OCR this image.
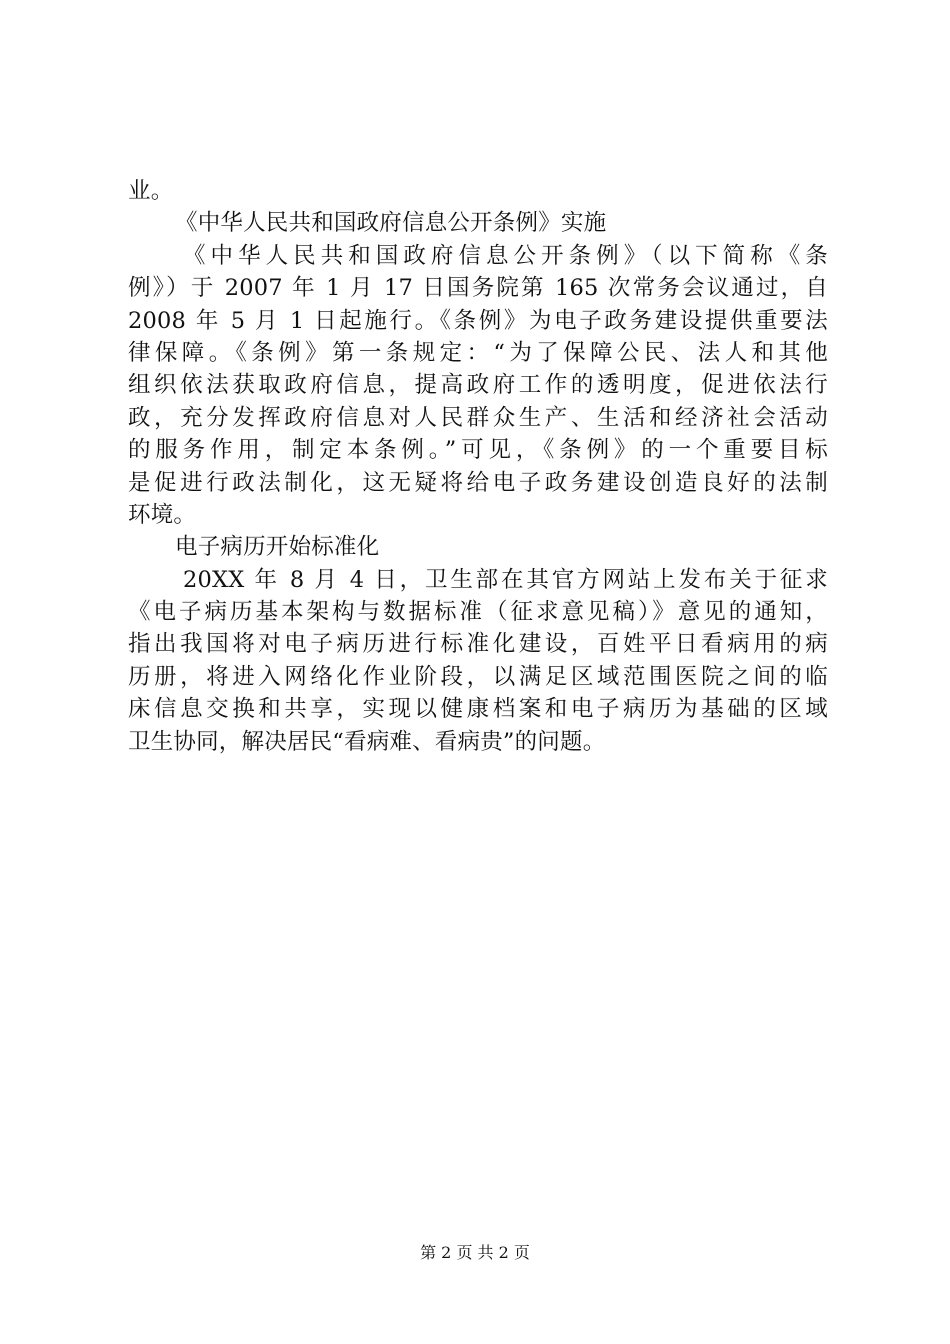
业。
《中华人民共和国政府信息公开条例》实施
《中华人民共和国政府信息公开条例》（以下简称《条
例》）于 2007 年 1 月 17 日国务院第 165 次常务会议通过，自
2008 年 5 月 1 日起施行。《条例》为电子政务建设提供重要法
律保障。《条例》第一条规定：“为了保障公民、法人和其他
组织依法获取政府信息，提高政府工作的透明度，促进依法行
政，充分发挥政府信息对人民群众生产、生活和经济社会活动
的服务作用，制定本条例。”可见，《条例》的一个重要目标
是促进行政法制化，这无疑将给电子政务建设创造良好的法制
环境。
电子病历开始标准化
20XX 年 8 月 4 日，卫生部在其官方网站上发布关于征求
《电子病历基本架构与数据标准（征求意见稿）》意见的通知，
指出我国将对电子病历进行标准化建设，百姓平日看病用的病
历册，将进入网络化作业阶段，以满足区域范围医院之间的临
床信息交换和共享，实现以健康档案和电子病历为基础的区域
卫生协同，解决居民“看病难、看病贵”的问题。
第 2 页 共 2 页
